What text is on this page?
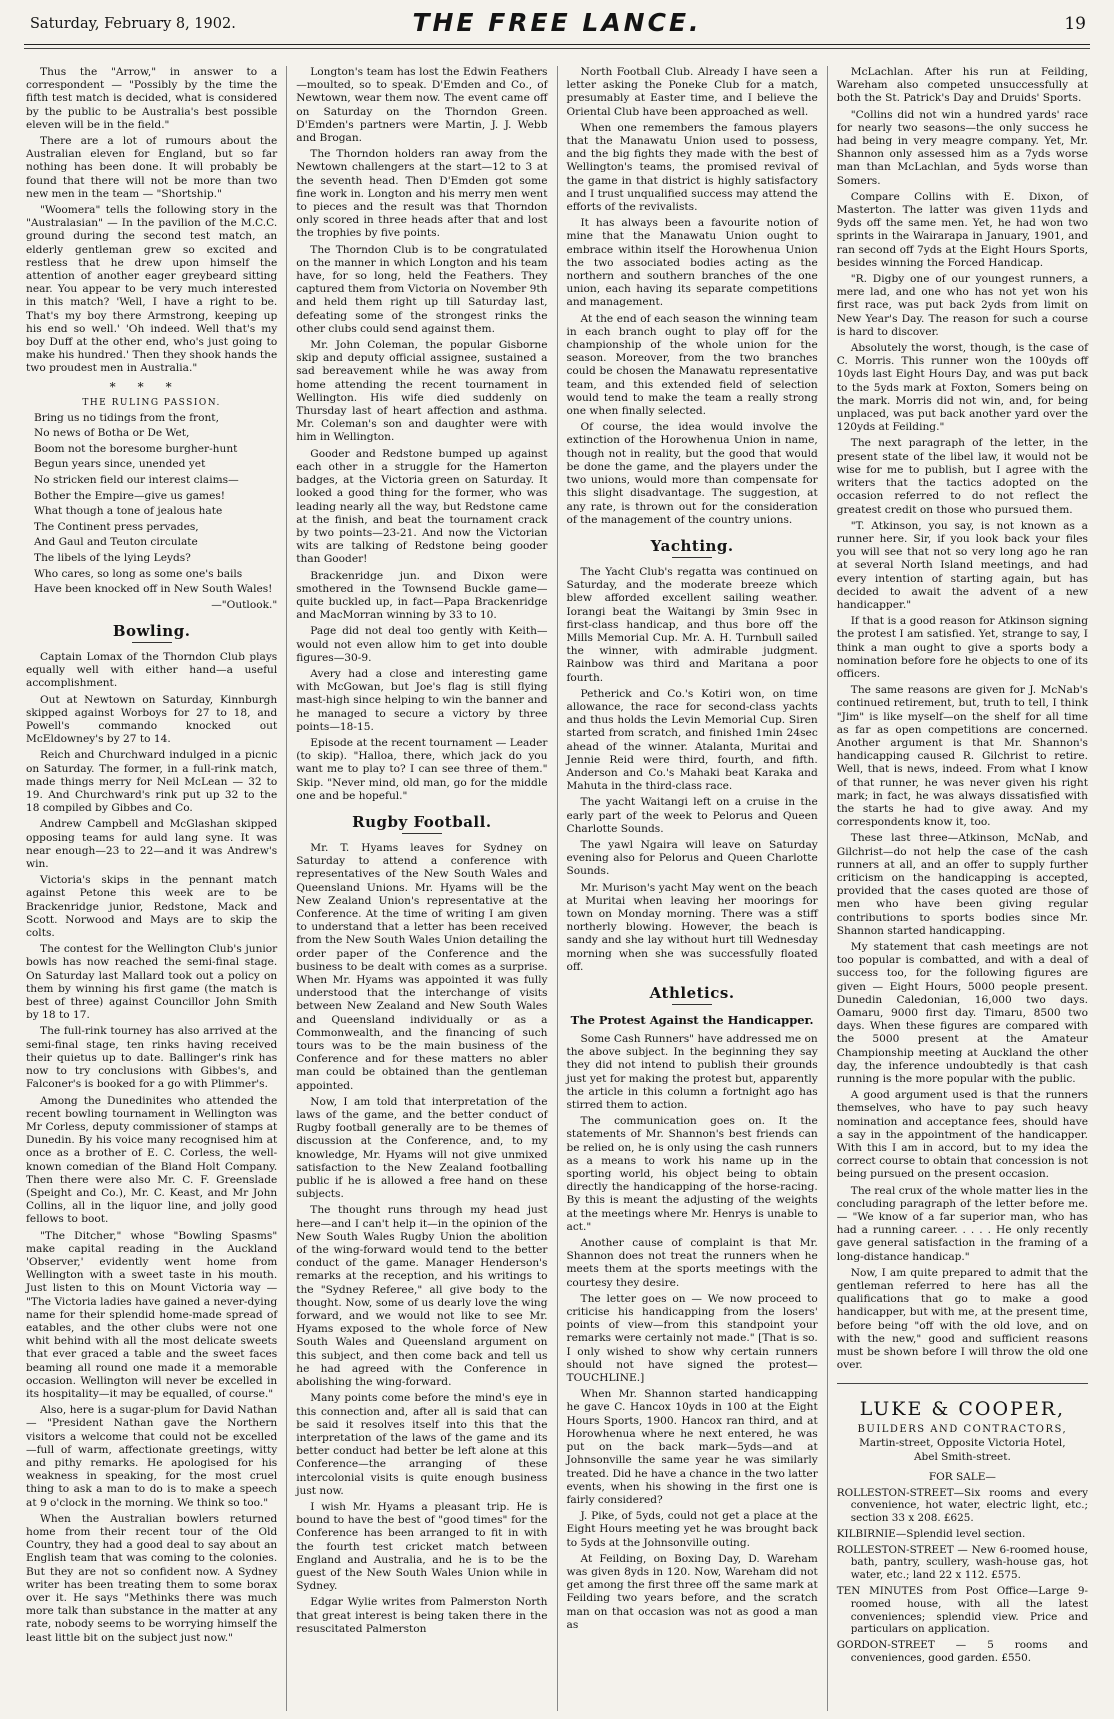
Saturday, February 8, 1902.	THE FREE LANCE.	19

Thus the "Arrow," in answer to a correspondent — "Possibly by the time the fifth test match is decided, what is considered by the public to be Australia's best possible eleven will be in the field."

There are a lot of rumours about the Australian eleven for England, but so far nothing has been done. It will probably be found that there will not be more than two new men in the team — "Shortship."

"Woomera" tells the following story in the "Australasian" — In the pavilion of the M.C.C. ground during the second test match, an elderly gentleman grew so excited and restless that he drew upon himself the attention of another eager greybeard sitting near. You appear to be very much interested in this match? 'Well, I have a right to be. That's my boy there Armstrong, keeping up his end so well.' 'Oh indeed. Well that's my boy Duff at the other end, who's just going to make his hundred.' Then they shook hands the two proudest men in Australia."

***
THE RULING PASSION.

Bring us no tidings from the front,

No news of Botha or De Wet,

Boom not the boresome burgher-hunt

Begun years since, unended yet

No stricken field our interest claims—

Bother the Empire—give us games!

What though a tone of jealous hate

The Continent press pervades,

And Gaul and Teuton circulate

The libels of the lying Leyds?

Who cares, so long as some one's bails

Have been knocked off in New South Wales!

—"Outlook."

Bowling.

Captain Lomax of the Thorndon Club plays equally well with either hand—a useful accomplishment.

Out at Newtown on Saturday, Kinnburgh skipped against Worboys for 27 to 18, and Powell's commando knocked out McEldowney's by 27 to 14.

Reich and Churchward indulged in a picnic on Saturday. The former, in a full-rink match, made things merry for Neil McLean — 32 to 19. And Churchward's rink put up 32 to the 18 compiled by Gibbes and Co.

Andrew Campbell and McGlashan skipped opposing teams for auld lang syne. It was near enough—23 to 22—and it was Andrew's win.

Victoria's skips in the pennant match against Petone this week are to be Brackenridge junior, Redstone, Mack and Scott. Norwood and Mays are to skip the colts.

The contest for the Wellington Club's junior bowls has now reached the semi-final stage. On Saturday last Mallard took out a policy on them by winning his first game (the match is best of three) against Councillor John Smith by 18 to 17.

The full-rink tourney has also arrived at the semi-final stage, ten rinks having received their quietus up to date. Ballinger's rink has now to try conclusions with Gibbes's, and Falconer's is booked for a go with Plimmer's.

Among the Dunedinites who attended the recent bowling tournament in Wellington was Mr Corless, deputy commissioner of stamps at Dunedin. By his voice many recognised him at once as a brother of E. C. Corless, the well-known comedian of the Bland Holt Company. Then there were also Mr. C. F. Greenslade (Speight and Co.), Mr. C. Keast, and Mr John Collins, all in the liquor line, and jolly good fellows to boot.

"The Ditcher," whose "Bowling Spasms" make capital reading in the Auckland 'Observer,' evidently went home from Wellington with a sweet taste in his mouth. Just listen to this on Mount Victoria way — "The Victoria ladies have gained a never-dying name for their splendid home-made spread of eatables, and the other clubs were not one whit behind with all the most delicate sweets that ever graced a table and the sweet faces beaming all round one made it a memorable occasion. Wellington will never be excelled in its hospitality—it may be equalled, of course."

Also, here is a sugar-plum for David Nathan — "President Nathan gave the Northern visitors a welcome that could not be excelled—full of warm, affectionate greetings, witty and pithy remarks. He apologised for his weakness in speaking, for the most cruel thing to ask a man to do is to make a speech at 9 o'clock in the morning. We think so too."

When the Australian bowlers returned home from their recent tour of the Old Country, they had a good deal to say about an English team that was coming to the colonies. But they are not so confident now. A Sydney writer has been treating them to some borax over it. He says "Methinks there was much more talk than substance in the matter at any rate, nobody seems to be worrying himself the least little bit on the subject just now."

Longton's team has lost the Edwin Feathers—moulted, so to speak. D'Emden and Co., of Newtown, wear them now. The event came off on Saturday on the Thorndon Green. D'Emden's partners were Martin, J. J. Webb and Brogan.

The Thorndon holders ran away from the Newtown challengers at the start—12 to 3 at the seventh head. Then D'Emden got some fine work in. Longton and his merry men went to pieces and the result was that Thorndon only scored in three heads after that and lost the trophies by five points.

The Thorndon Club is to be congratulated on the manner in which Longton and his team have, for so long, held the Feathers. They captured them from Victoria on November 9th and held them right up till Saturday last, defeating some of the strongest rinks the other clubs could send against them.

Mr. John Coleman, the popular Gisborne skip and deputy official assignee, sustained a sad bereavement while he was away from home attending the recent tournament in Wellington. His wife died suddenly on Thursday last of heart affection and asthma. Mr. Coleman's son and daughter were with him in Wellington.

Gooder and Redstone bumped up against each other in a struggle for the Hamerton badges, at the Victoria green on Saturday. It looked a good thing for the former, who was leading nearly all the way, but Redstone came at the finish, and beat the tournament crack by two points—23-21. And now the Victorian wits are talking of Redstone being gooder than Gooder!

Brackenridge jun. and Dixon were smothered in the Townsend Buckle game—quite buckled up, in fact—Papa Brackenridge and MacMorran winning by 33 to 10.

Page did not deal too gently with Keith—would not even allow him to get into double figures—30-9.

Avery had a close and interesting game with McGowan, but Joe's flag is still flying mast-high since helping to win the banner and he managed to secure a victory by three points—18-15.

Episode at the recent tournament — Leader (to skip). "Halloa, there, which jack do you want me to play to? I can see three of them." Skip. "Never mind, old man, go for the middle one and be hopeful."

Rugby Football.

Mr. T. Hyams leaves for Sydney on Saturday to attend a conference with representatives of the New South Wales and Queensland Unions. Mr. Hyams will be the New Zealand Union's representative at the Conference. At the time of writing I am given to understand that a letter has been received from the New South Wales Union detailing the order paper of the Conference and the business to be dealt with comes as a surprise. When Mr. Hyams was appointed it was fully understood that the interchange of visits between New Zealand and New South Wales and Queensland individually or as a Commonwealth, and the financing of such tours was to be the main business of the Conference and for these matters no abler man could be obtained than the gentleman appointed.

Now, I am told that interpretation of the laws of the game, and the better conduct of Rugby football generally are to be themes of discussion at the Conference, and, to my knowledge, Mr. Hyams will not give unmixed satisfaction to the New Zealand footballing public if he is allowed a free hand on these subjects.

The thought runs through my head just here—and I can't help it—in the opinion of the New South Wales Rugby Union the abolition of the wing-forward would tend to the better conduct of the game. Manager Henderson's remarks at the reception, and his writings to the "Sydney Referee," all give body to the thought. Now, some of us dearly love the wing forward, and we would not like to see Mr. Hyams exposed to the whole force of New South Wales and Queensland argument on this subject, and then come back and tell us he had agreed with the Conference in abolishing the wing-forward.

Many points come before the mind's eye in this connection and, after all is said that can be said it resolves itself into this that the interpretation of the laws of the game and its better conduct had better be left alone at this Conference—the arranging of these intercolonial visits is quite enough business just now.

I wish Mr. Hyams a pleasant trip. He is bound to have the best of "good times" for the Conference has been arranged to fit in with the fourth test cricket match between England and Australia, and he is to be the guest of the New South Wales Union while in Sydney.

Edgar Wylie writes from Palmerston North that great interest is being taken there in the resuscitated Palmerston

North Football Club. Already I have seen a letter asking the Poneke Club for a match, presumably at Easter time, and I believe the Oriental Club have been approached as well.

When one remembers the famous players that the Manawatu Union used to possess, and the big fights they made with the best of Wellington's teams, the promised revival of the game in that district is highly satisfactory and I trust unqualified success may attend the efforts of the revivalists.

It has always been a favourite notion of mine that the Manawatu Union ought to embrace within itself the Horowhenua Union the two associated bodies acting as the northern and southern branches of the one union, each having its separate competitions and management.

At the end of each season the winning team in each branch ought to play off for the championship of the whole union for the season. Moreover, from the two branches could be chosen the Manawatu representative team, and this extended field of selection would tend to make the team a really strong one when finally selected.

Of course, the idea would involve the extinction of the Horowhenua Union in name, though not in reality, but the good that would be done the game, and the players under the two unions, would more than compensate for this slight disadvantage. The suggestion, at any rate, is thrown out for the consideration of the management of the country unions.

Yachting.

The Yacht Club's regatta was continued on Saturday, and the moderate breeze which blew afforded excellent sailing weather. Iorangi beat the Waitangi by 3min 9sec in first-class handicap, and thus bore off the Mills Memorial Cup. Mr. A. H. Turnbull sailed the winner, with admirable judgment. Rainbow was third and Maritana a poor fourth.

Petherick and Co.'s Kotiri won, on time allowance, the race for second-class yachts and thus holds the Levin Memorial Cup. Siren started from scratch, and finished 1min 24sec ahead of the winner. Atalanta, Muritai and Jennie Reid were third, fourth, and fifth. Anderson and Co.'s Mahaki beat Karaka and Mahuta in the third-class race.

The yacht Waitangi left on a cruise in the early part of the week to Pelorus and Queen Charlotte Sounds.

The yawl Ngaira will leave on Saturday evening also for Pelorus and Queen Charlotte Sounds.

Mr. Murison's yacht May went on the beach at Muritai when leaving her moorings for town on Monday morning. There was a stiff northerly blowing. However, the beach is sandy and she lay without hurt till Wednesday morning when she was successfully floated off.

Athletics.
The Protest Against the Handicapper.

Some Cash Runners" have addressed me on the above subject. In the beginning they say they did not intend to publish their grounds just yet for making the protest but, apparently the article in this column a fortnight ago has stirred them to action.

The communication goes on. It the statements of Mr. Shannon's best friends can be relied on, he is only using the cash runners as a means to work his name up in the sporting world, his object being to obtain directly the handicapping of the horse-racing. By this is meant the adjusting of the weights at the meetings where Mr. Henrys is unable to act."

Another cause of complaint is that Mr. Shannon does not treat the runners when he meets them at the sports meetings with the courtesy they desire.

The letter goes on — We now proceed to criticise his handicapping from the losers' points of view—from this standpoint your remarks were certainly not made." [That is so. I only wished to show why certain runners should not have signed the protest—TOUCHLINE.]

When Mr. Shannon started handicapping he gave C. Hancox 10yds in 100 at the Eight Hours Sports, 1900. Hancox ran third, and at Horowhenua where he next entered, he was put on the back mark—5yds—and at Johnsonville the same year he was similarly treated. Did he have a chance in the two latter events, when his showing in the first one is fairly considered?

J. Pike, of 5yds, could not get a place at the Eight Hours meeting yet he was brought back to 5yds at the Johnsonville outing.

At Feilding, on Boxing Day, D. Wareham was given 8yds in 120. Now, Wareham did not get among the first three off the same mark at Feilding two years before, and the scratch man on that occasion was not as good a man as

McLachlan. After his run at Feilding, Wareham also competed unsuccessfully at both the St. Patrick's Day and Druids' Sports.

"Collins did not win a hundred yards' race for nearly two seasons—the only success he had being in very meagre company. Yet, Mr. Shannon only assessed him as a 7yds worse man than McLachlan, and 5yds worse than Somers.

Compare Collins with E. Dixon, of Masterton. The latter was given 11yds and 9yds off the same men. Yet, he had won two sprints in the Wairarapa in January, 1901, and ran second off 7yds at the Eight Hours Sports, besides winning the Forced Handicap.

"R. Digby one of our youngest runners, a mere lad, and one who has not yet won his first race, was put back 2yds from limit on New Year's Day. The reason for such a course is hard to discover.

Absolutely the worst, though, is the case of C. Morris. This runner won the 100yds off 10yds last Eight Hours Day, and was put back to the 5yds mark at Foxton, Somers being on the mark. Morris did not win, and, for being unplaced, was put back another yard over the 120yds at Feilding."

The next paragraph of the letter, in the present state of the libel law, it would not be wise for me to publish, but I agree with the writers that the tactics adopted on the occasion referred to do not reflect the greatest credit on those who pursued them.

"T. Atkinson, you say, is not known as a runner here. Sir, if you look back your files you will see that not so very long ago he ran at several North Island meetings, and had every intention of starting again, but has decided to await the advent of a new handicapper."

If that is a good reason for Atkinson signing the protest I am satisfied. Yet, strange to say, I think a man ought to give a sports body a nomination before fore he objects to one of its officers.

The same reasons are given for J. McNab's continued retirement, but, truth to tell, I think "Jim" is like myself—on the shelf for all time as far as open competitions are concerned. Another argument is that Mr. Shannon's handicapping caused R. Gilchrist to retire. Well, that is news, indeed. From what I know of that runner, he was never given his right mark; in fact, he was always dissatisfied with the starts he had to give away. And my correspondents know it, too.

These last three—Atkinson, McNab, and Gilchrist—do not help the case of the cash runners at all, and an offer to supply further criticism on the handicapping is accepted, provided that the cases quoted are those of men who have been giving regular contributions to sports bodies since Mr. Shannon started handicapping.

My statement that cash meetings are not too popular is combatted, and with a deal of success too, for the following figures are given — Eight Hours, 5000 people present. Dunedin Caledonian, 16,000 two days. Oamaru, 9000 first day. Timaru, 8500 two days. When these figures are compared with the 5000 present at the Amateur Championship meeting at Auckland the other day, the inference undoubtedly is that cash running is the more popular with the public.

A good argument used is that the runners themselves, who have to pay such heavy nomination and acceptance fees, should have a say in the appointment of the handicapper. With this I am in accord, but to my idea the correct course to obtain that concession is not being pursued on the present occasion.

The real crux of the whole matter lies in the concluding paragraph of the letter before me. — "We know of a far superior man, who has had a running career. . . . . He only recently gave general satisfaction in the framing of a long-distance handicap."

Now, I am quite prepared to admit that the gentleman referred to here has all the qualifications that go to make a good handicapper, but with me, at the present time, before being "off with the old love, and on with the new," good and sufficient reasons must be shown before I will throw the old one over.

LUKE & COOPER,
BUILDERS AND CONTRACTORS,
Martin-street, Opposite Victoria Hotel,
Abel Smith-street.
FOR SALE—

ROLLESTON-STREET—Six rooms and every convenience, hot water, electric light, etc.; section 33 x 208. £625.

KILBIRNIE—Splendid level section.

ROLLESTON-STREET — New 6-roomed house, bath, pantry, scullery, wash-house gas, hot water, etc.; land 22 x 112. £575.

TEN MINUTES from Post Office—Large 9-roomed house, with all the latest conveniences; splendid view. Price and particulars on application.

GORDON-STREET — 5 rooms and conveniences, good garden. £550.
